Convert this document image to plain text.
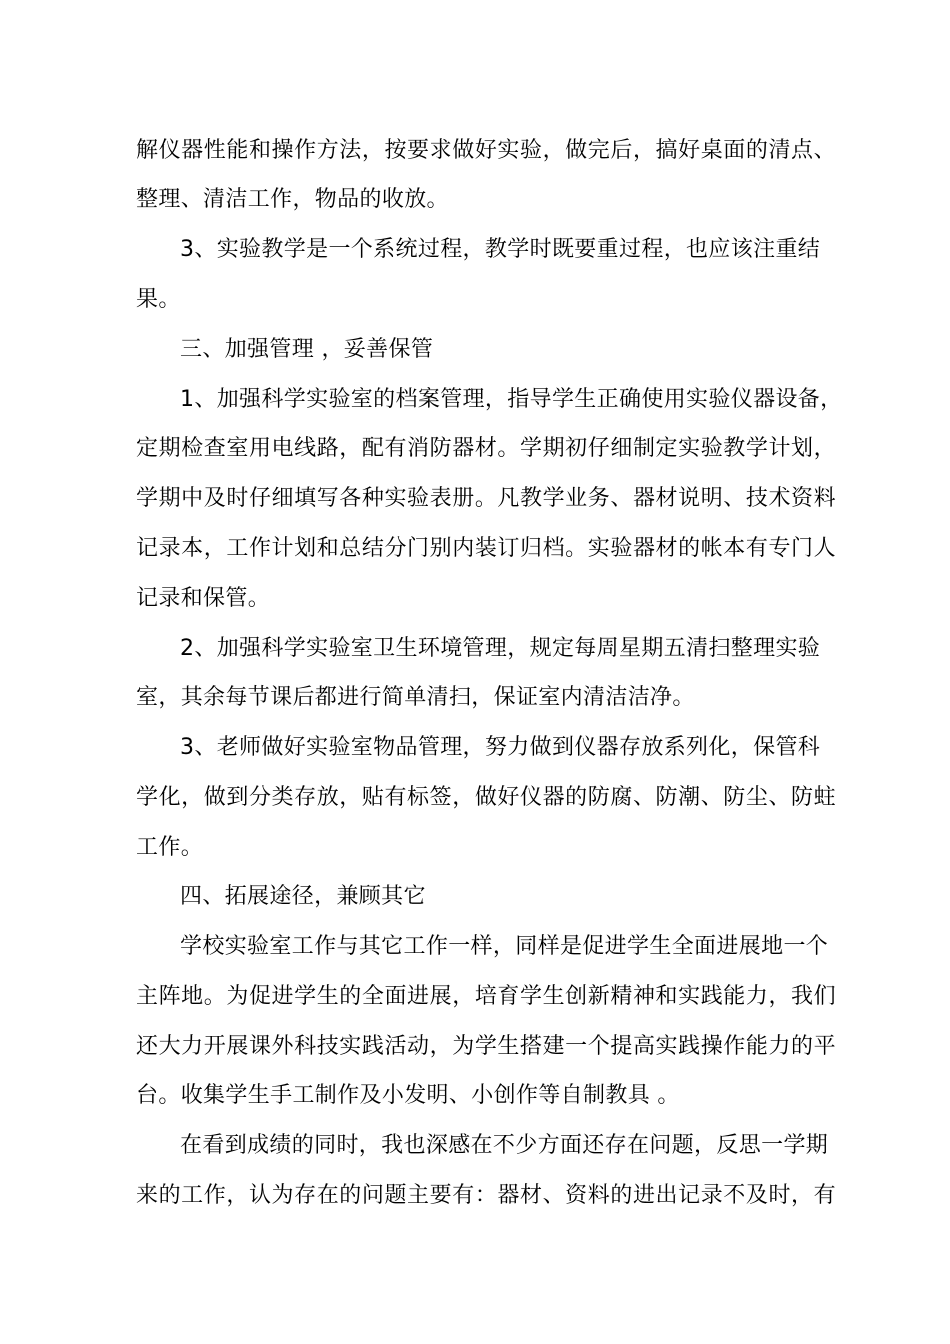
解仪器性能和操作方法，按要求做好实验，做完后，搞好桌面的清点、

整理、清洁工作，物品的收放。

3、实验教学是一个系统过程，教学时既要重过程，也应该注重结

果。

三、加强管理 ，妥善保管

1、加强科学实验室的档案管理，指导学生正确使用实验仪器设备，

定期检查室用电线路，配有消防器材。学期初仔细制定实验教学计划，

学期中及时仔细填写各种实验表册。凡教学业务、器材说明、技术资料

记录本，工作计划和总结分门别内装订归档。实验器材的帐本有专门人

记录和保管。

2、加强科学实验室卫生环境管理，规定每周星期五清扫整理实验

室，其余每节课后都进行简单清扫，保证室内清洁洁净。

3、老师做好实验室物品管理，努力做到仪器存放系列化，保管科

学化，做到分类存放，贴有标签，做好仪器的防腐、防潮、防尘、防蛀

工作。

四、拓展途径，兼顾其它

学校实验室工作与其它工作一样，同样是促进学生全面进展地一个

主阵地。为促进学生的全面进展，培育学生创新精神和实践能力，我们

还大力开展课外科技实践活动，为学生搭建一个提高实践操作能力的平

台。收集学生手工制作及小发明、小创作等自制教具 。

在看到成绩的同时，我也深感在不少方面还存在问题，反思一学期

来的工作，认为存在的问题主要有：器材、资料的进出记录不及时，有
